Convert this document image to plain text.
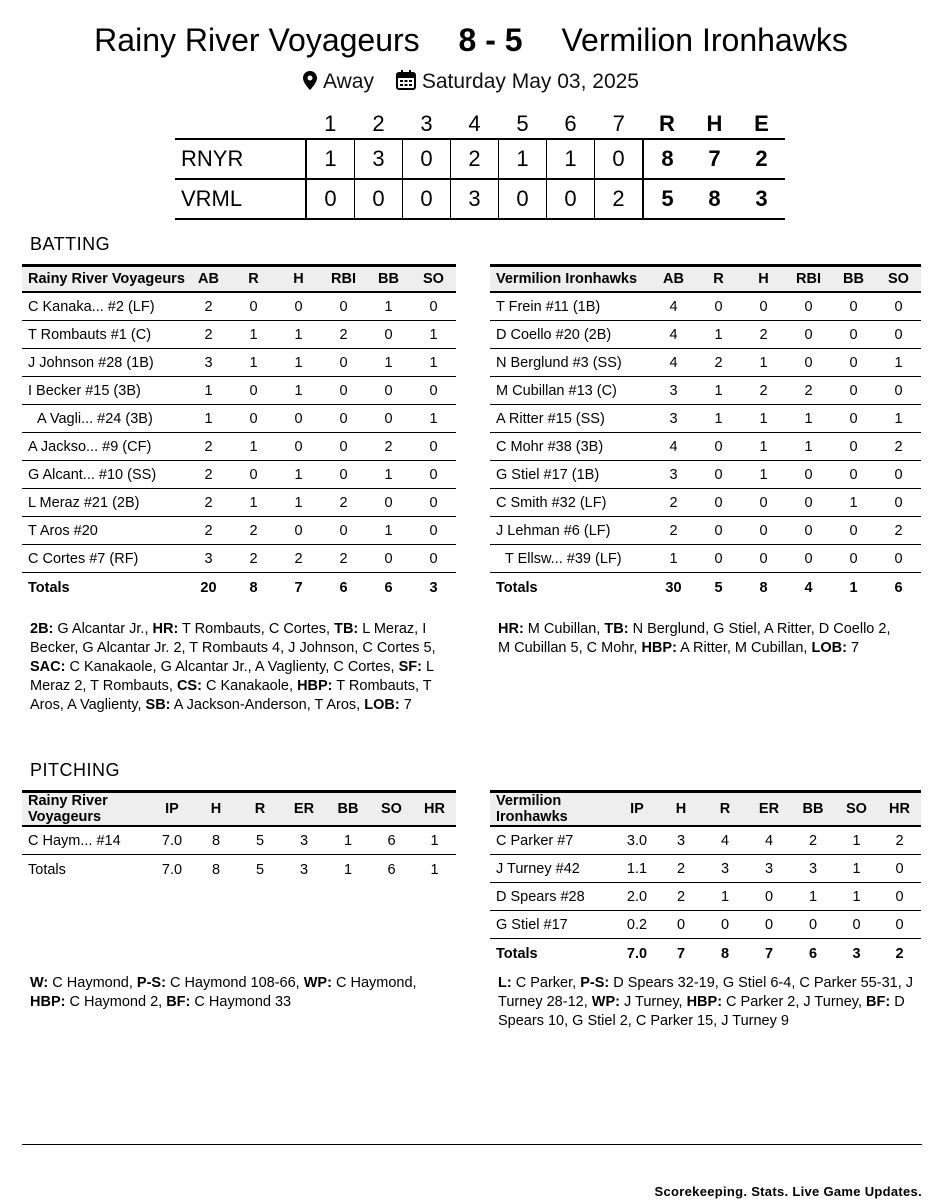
Rainy River Voyageurs 8 - 5 Vermilion Ironhawks
Away Saturday May 03, 2025
	1	2	3	4	5	6	7	R	H	E
RNYR	1	3	0	2	1	1	0	8	7	2
VRML	0	0	0	3	0	0	2	5	8	3
BATTING
Rainy River Voyageurs	AB	R	H	RBI	BB	SO
C Kanaka... #2 (LF)	2	0	0	0	1	0
T Rombauts #1 (C)	2	1	1	2	0	1
J Johnson #28 (1B)	3	1	1	0	1	1
I Becker #15 (3B)	1	0	1	0	0	0
A Vagli... #24 (3B)	1	0	0	0	0	1
A Jackso... #9 (CF)	2	1	0	0	2	0
G Alcant... #10 (SS)	2	0	1	0	1	0
L Meraz #21 (2B)	2	1	1	2	0	0
T Aros #20	2	2	0	0	1	0
C Cortes #7 (RF)	3	2	2	2	0	0
Totals	20	8	7	6	6	3
Vermilion Ironhawks	AB	R	H	RBI	BB	SO
T Frein #11 (1B)	4	0	0	0	0	0
D Coello #20 (2B)	4	1	2	0	0	0
N Berglund #3 (SS)	4	2	1	0	0	1
M Cubillan #13 (C)	3	1	2	2	0	0
A Ritter #15 (SS)	3	1	1	1	0	1
C Mohr #38 (3B)	4	0	1	1	0	2
G Stiel #17 (1B)	3	0	1	0	0	0
C Smith #32 (LF)	2	0	0	0	1	0
J Lehman #6 (LF)	2	0	0	0	0	2
T Ellsw... #39 (LF)	1	0	0	0	0	0
Totals	30	5	8	4	1	6
2B: G Alcantar Jr., HR: T Rombauts, C Cortes, TB: L Meraz, I Becker, G Alcantar Jr. 2, T Rombauts 4, J Johnson, C Cortes 5, SAC: C Kanakaole, G Alcantar Jr., A Vaglienty, C Cortes, SF: L Meraz 2, T Rombauts, CS: C Kanakaole, HBP: T Rombauts, T Aros, A Vaglienty, SB: A Jackson-Anderson, T Aros, LOB: 7
HR: M Cubillan, TB: N Berglund, G Stiel, A Ritter, D Coello 2, M Cubillan 5, C Mohr, HBP: A Ritter, M Cubillan, LOB: 7
PITCHING
Rainy River Voyageurs	IP	H	R	ER	BB	SO	HR
C Haym... #14	7.0	8	5	3	1	6	1
Totals	7.0	8	5	3	1	6	1
Vermilion Ironhawks	IP	H	R	ER	BB	SO	HR
C Parker #7	3.0	3	4	4	2	1	2
J Turney #42	1.1	2	3	3	3	1	0
D Spears #28	2.0	2	1	0	1	1	0
G Stiel #17	0.2	0	0	0	0	0	0
Totals	7.0	7	8	7	6	3	2
W: C Haymond, P-S: C Haymond 108-66, WP: C Haymond, HBP: C Haymond 2, BF: C Haymond 33
L: C Parker, P-S: D Spears 32-19, G Stiel 6-4, C Parker 55-31, J Turney 28-12, WP: J Turney, HBP: C Parker 2, J Turney, BF: D Spears 10, G Stiel 2, C Parker 15, J Turney 9
Scorekeeping. Stats. Live Game Updates.
